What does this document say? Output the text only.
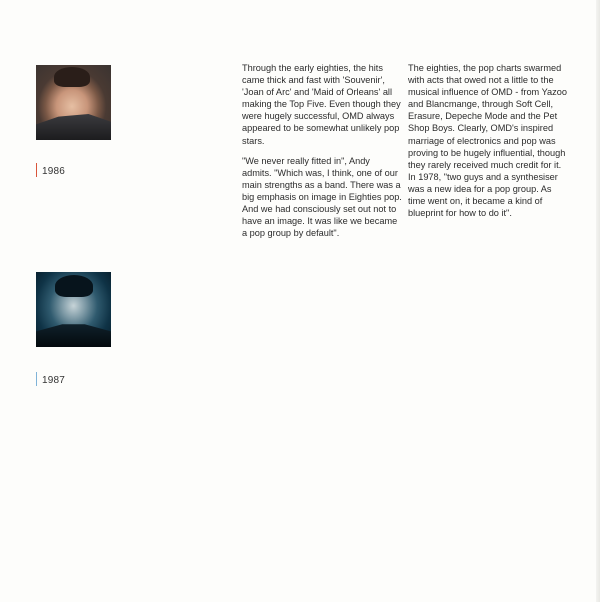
1986
1987

Through the early eighties, the hits came thick and fast with 'Souvenir', 'Joan of Arc' and 'Maid of Orleans' all making the Top Five. Even though they were hugely successful, OMD always appeared to be somewhat unlikely pop stars.

"We never really fitted in", Andy admits. "Which was, I think, one of our main strengths as a band. There was a big emphasis on image in Eighties pop. And we had consciously set out not to have an image. It was like we became a pop group by default".

The eighties, the pop charts swarmed with acts that owed not a little to the musical influence of OMD - from Yazoo and Blancmange, through Soft Cell, Erasure, Depeche Mode and the Pet Shop Boys. Clearly, OMD's inspired marriage of electronics and pop was proving to be hugely influential, though they rarely received much credit for it. In 1978, "two guys and a synthesiser was a new idea for a pop group. As time went on, it became a kind of blueprint for how to do it".
